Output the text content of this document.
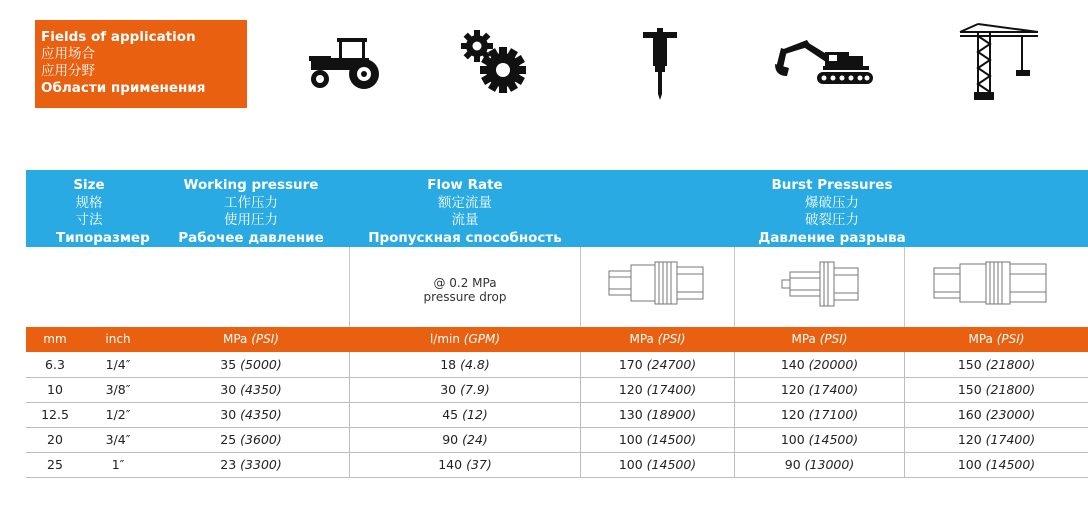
Fields of application
应用场合
应用分野
Области применения
Size
规格
寸法
Типоразмер
Working pressure
工作压力
使用圧力
Рабочее давление
Flow Rate
额定流量
流量
Пропускная способность
Burst Pressures
爆破压力
破裂圧力
Давление разрыва
@ 0.2 MPa
pressure drop
mm	inch	MPa (PSI)	l/min (GPM)	MPa (PSI)	MPa (PSI)	MPa (PSI)
6.3	1/4″	35 (5000)	18 (4.8)	170 (24700)	140 (20000)	150 (21800)
10	3/8″	30 (4350)	30 (7.9)	120 (17400)	120 (17400)	150 (21800)
12.5	1/2″	30 (4350)	45 (12)	130 (18900)	120 (17100)	160 (23000)
20	3/4″	25 (3600)	90 (24)	100 (14500)	100 (14500)	120 (17400)
25	1″	23 (3300)	140 (37)	100 (14500)	90 (13000)	100 (14500)
